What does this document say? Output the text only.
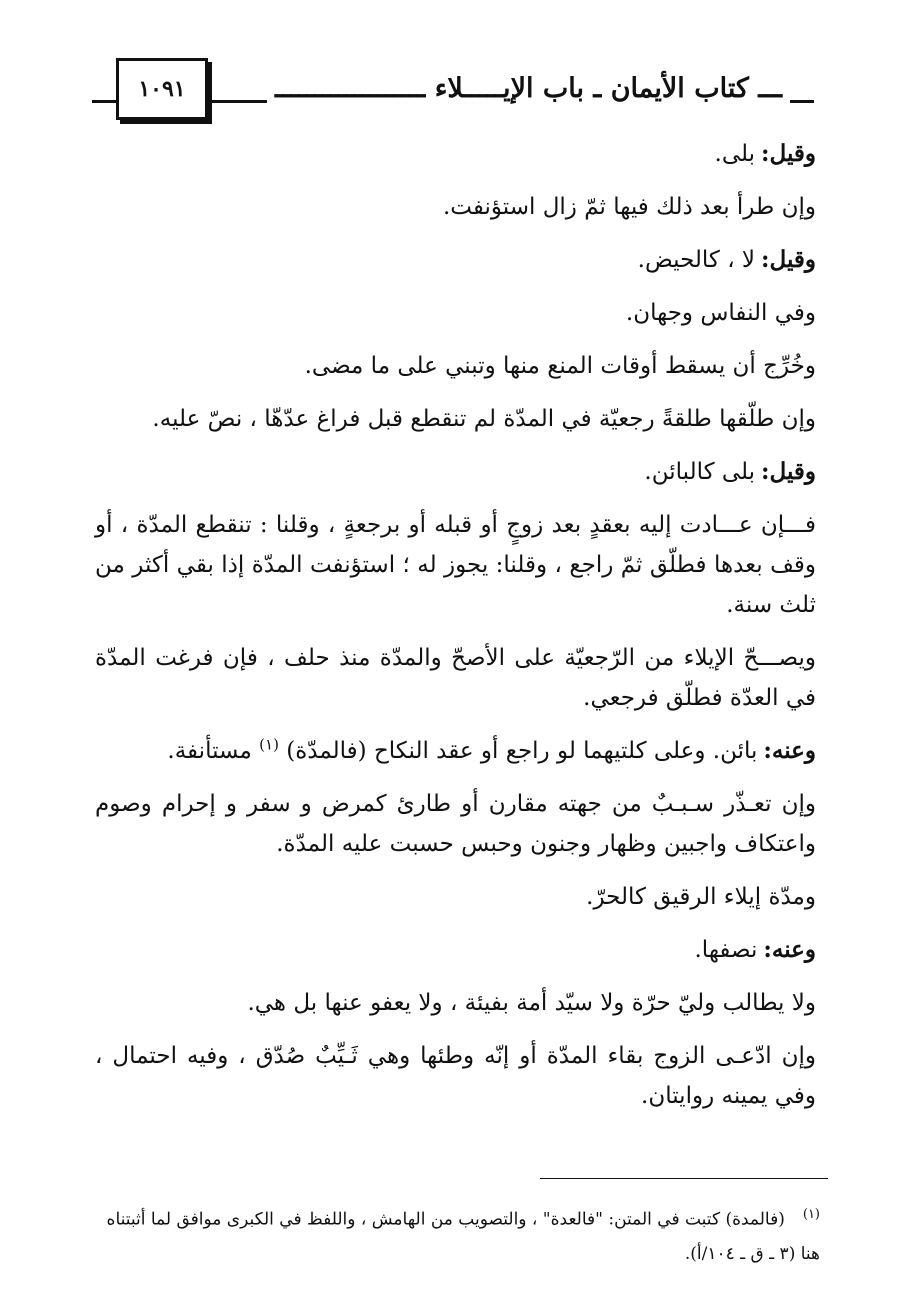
ـــ كتاب الأيمان ـ باب الإيـــــلاء ـــــــــــــــــــ
١٠٩١

وقيل:بلى.

وإن طرأ بعد ذلك فيها ثمّ زال استؤنفت.

وقيل:لا ، كالحيض.

وفي النفاس وجهان.

وخُرِّج أن يسقط أوقات المنع منها وتبني على ما مضى.

وإن طلّقها طلقةً رجعيّة في المدّة لم تنقطع قبل فراغ عدّهّا ، نصّ عليه.

وقيل:بلى كالبائن.

فـــإن عـــادت إليه بعقدٍ بعد زوجٍ أو قبله أو برجعةٍ ، وقلنا : تنقطع المدّة ، أو وقف بعدها فطلّق ثمّ راجع ، وقلنا: يجوز له ؛ استؤنفت المدّة إذا بقي أكثر من ثلث سنة.

ويصـــحّ الإيلاء من الرّجعيّة على الأصحّ والمدّة منذ حلف ، فإن فرغت المدّة في العدّة فطلّق فرجعي.

وعنه:بائن. وعلى كلتيهما لو راجع أو عقد النكاح (فالمدّة) $^{(١)}$ مستأنفة.

وإن تعـذّر سـبـبٌ من جهته مقارن أو طارئ كمرض و سفر و إحرام وصوم واعتكاف واجبين وظهار وجنون وحبس حسبت عليه المدّة.

ومدّة إيلاء الرقيق كالحرّ.

وعنه:نصفها.

ولا يطالب وليّ حرّة ولا سيّد أمة بفيئة ، ولا يعفو عنها بل هي.

وإن ادّعـى الزوج بقاء المدّة أو إنّه وطئها وهي ثَـيِّبٌ صُدّق ، وفيه احتمال ، وفي يمينه روايتان.

$^{(١)}$(فالمدة) كتبت في المتن: "فالعدة" ، والتصويب من الهامش ، واللفظ في الكبرى موافق لما أثبتناه هنا (٣ ـ ق ـ ١٠٤/أ).
